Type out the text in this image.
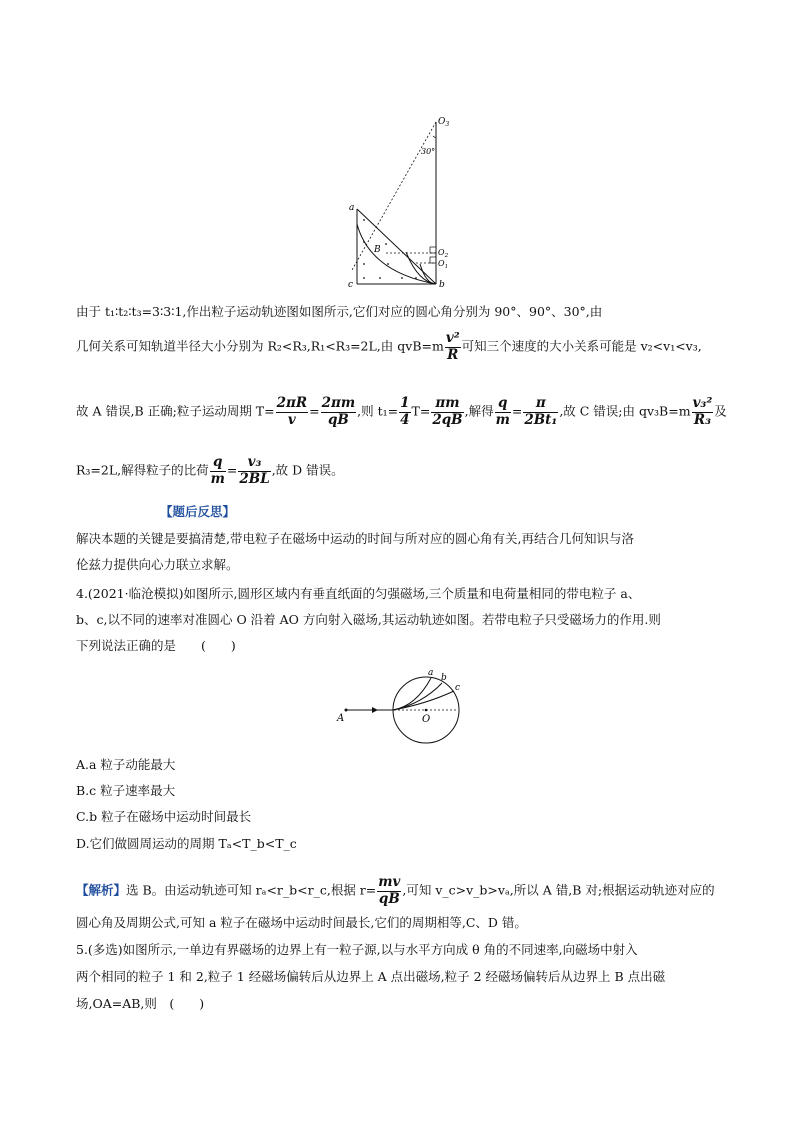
$O_3$
30°
a
B	$O_2$
$O_1$
c	b
由于 t₁∶t₂∶t₃=3∶3∶1,作出粒子运动轨迹图如图所示,它们对应的圆心角分别为 90°、90°、30°,由
几何关系可知轨道半径大小分别为 R₂<R₃,R₁<R₃=2L,由 $qvB=m \frac{\text{v²}}{R}$ 可知三个速度的大小关系可能是 v₂<v₁<v₃,
故 A 错误,B 正确;粒子运动周期 $T= \frac{2\pi R}{v} = \frac{2\pi m}{qB}$ ,则 $t_1= \frac{1}{4} T= \frac{\pi m}{2qB}$ ,解得 $\frac{q}{m} = \frac{\pi}{\text{2Bt₁}}$ ,故 C 错误;由 $qv_3B=m \frac{\text{v₃²}}{\text{R₃}}$ 及
R₃=2L,解得粒子的比荷 $\frac{q}{m} = \frac{\text{v₃}}{2BL}$ ,故 D 错误。
【题后反思】
解决本题的关键是要搞清楚,带电粒子在磁场中运动的时间与所对应的圆心角有关,再结合几何知识与洛
伦兹力提供向心力联立求解。
4.(2021·临沧模拟)如图所示,圆形区域内有垂直纸面的匀强磁场,三个质量和电荷量相同的带电粒子 a、
b、c,以不同的速率对准圆心 O 沿着 AO 方向射入磁场,其运动轨迹如图。若带电粒子只受磁场力的作用.则
下列说法正确的是　　(　　)
A	O
a b
c
A.a 粒子动能最大
B.c 粒子速率最大
C.b 粒子在磁场中运动时间最长
D.它们做圆周运动的周期 Tₐ<T_b<T_c
【解析】选 B。由运动轨迹可知 rₐ<r_b<r_c,根据 $r= \frac{mv}{qB}$ ,可知 v_c>v_b>vₐ,所以 A 错,B 对;根据运动轨迹对应的
圆心角及周期公式,可知 a 粒子在磁场中运动时间最长,它们的周期相等,C、D 错。
5.(多选)如图所示,一单边有界磁场的边界上有一粒子源,以与水平方向成 θ 角的不同速率,向磁场中射入
两个相同的粒子 1 和 2,粒子 1 经磁场偏转后从边界上 A 点出磁场,粒子 2 经磁场偏转后从边界上 B 点出磁
场,OA=AB,则　(　　)
